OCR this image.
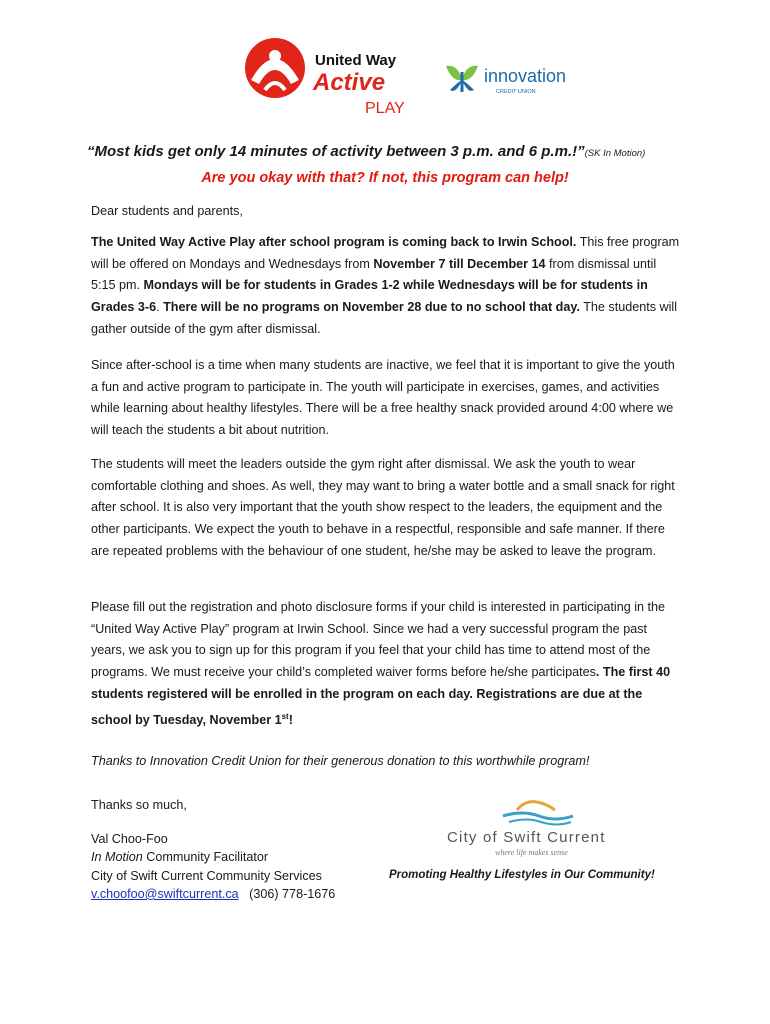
United Way
Active
PLAY
innovation
CREDIT UNION
“Most kids get only 14 minutes of activity between 3 p.m. and 6 p.m.!”(SK In Motion)
Are you okay with that? If not, this program can help!
Dear students and parents,
The United Way Active Play after school program is coming back to Irwin School. This free program will be offered on Mondays and Wednesdays from November 7 till December 14 from dismissal until 5:15 pm. Mondays will be for students in Grades 1-2 while Wednesdays will be for students in Grades 3-6. There will be no programs on November 28 due to no school that day. The students will gather outside of the gym after dismissal.
Since after-school is a time when many students are inactive, we feel that it is important to give the youth a fun and active program to participate in. The youth will participate in exercises, games, and activities while learning about healthy lifestyles. There will be a free healthy snack provided around 4:00 where we will teach the students a bit about nutrition.
The students will meet the leaders outside the gym right after dismissal. We ask the youth to wear comfortable clothing and shoes. As well, they may want to bring a water bottle and a small snack for right after school. It is also very important that the youth show respect to the leaders, the equipment and the other participants. We expect the youth to behave in a respectful, responsible and safe manner. If there are repeated problems with the behaviour of one student, he/she may be asked to leave the program.
Please fill out the registration and photo disclosure forms if your child is interested in participating in the “United Way Active Play” program at Irwin School. Since we had a very successful program the past years, we ask you to sign up for this program if you feel that your child has time to attend most of the programs. We must receive your child’s completed waiver forms before he/she participates. The first 40 students registered will be enrolled in the program on each day. Registrations are due at the school by Tuesday, November 1st!
Thanks to Innovation Credit Union for their generous donation to this worthwhile program!
Thanks so much,
Val Choo-Foo
In Motion Community Facilitator
City of Swift Current Community Services
v.choofoo@swiftcurrent.ca (306) 778-1676
City of Swift Current
where life makes sense
Promoting Healthy Lifestyles in Our Community!
